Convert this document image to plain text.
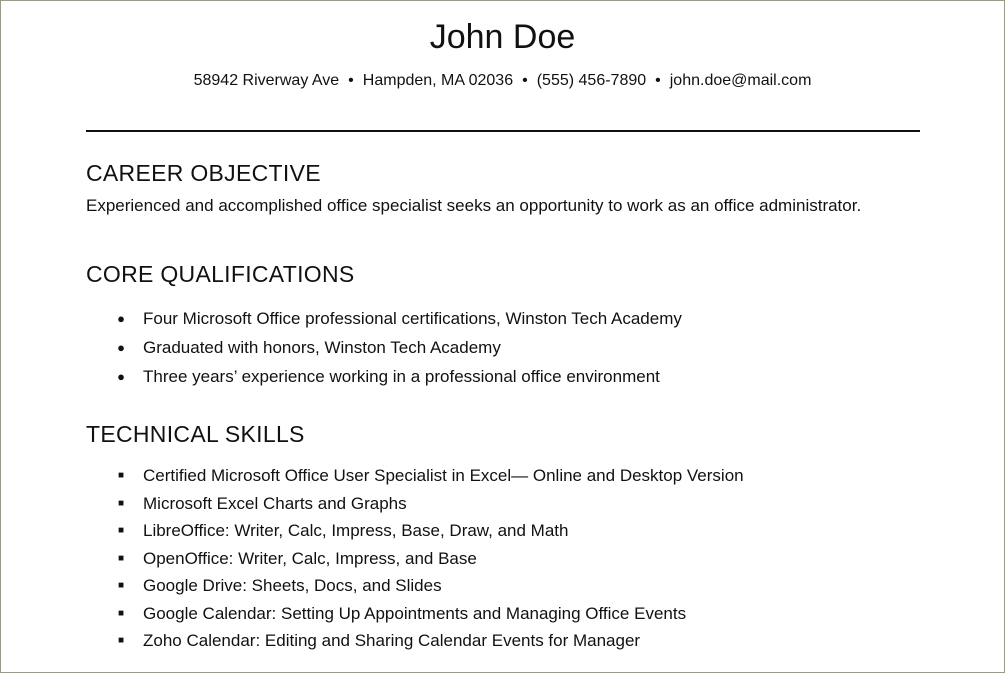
John Doe
58942 Riverway Ave • Hampden, MA 02036 • (555) 456-7890 • john.doe@mail.com
CAREER OBJECTIVE
Experienced and accomplished office specialist seeks an opportunity to work as an office administrator.
CORE QUALIFICATIONS
● Four Microsoft Office professional certifications, Winston Tech Academy
● Graduated with honors, Winston Tech Academy
● Three years’ experience working in a professional office environment
TECHNICAL SKILLS
■ Certified Microsoft Office User Specialist in Excel— Online and Desktop Version
■ Microsoft Excel Charts and Graphs
■ LibreOffice: Writer, Calc, Impress, Base, Draw, and Math
■ OpenOffice: Writer, Calc, Impress, and Base
■ Google Drive: Sheets, Docs, and Slides
■ Google Calendar: Setting Up Appointments and Managing Office Events
■ Zoho Calendar: Editing and Sharing Calendar Events for Manager
